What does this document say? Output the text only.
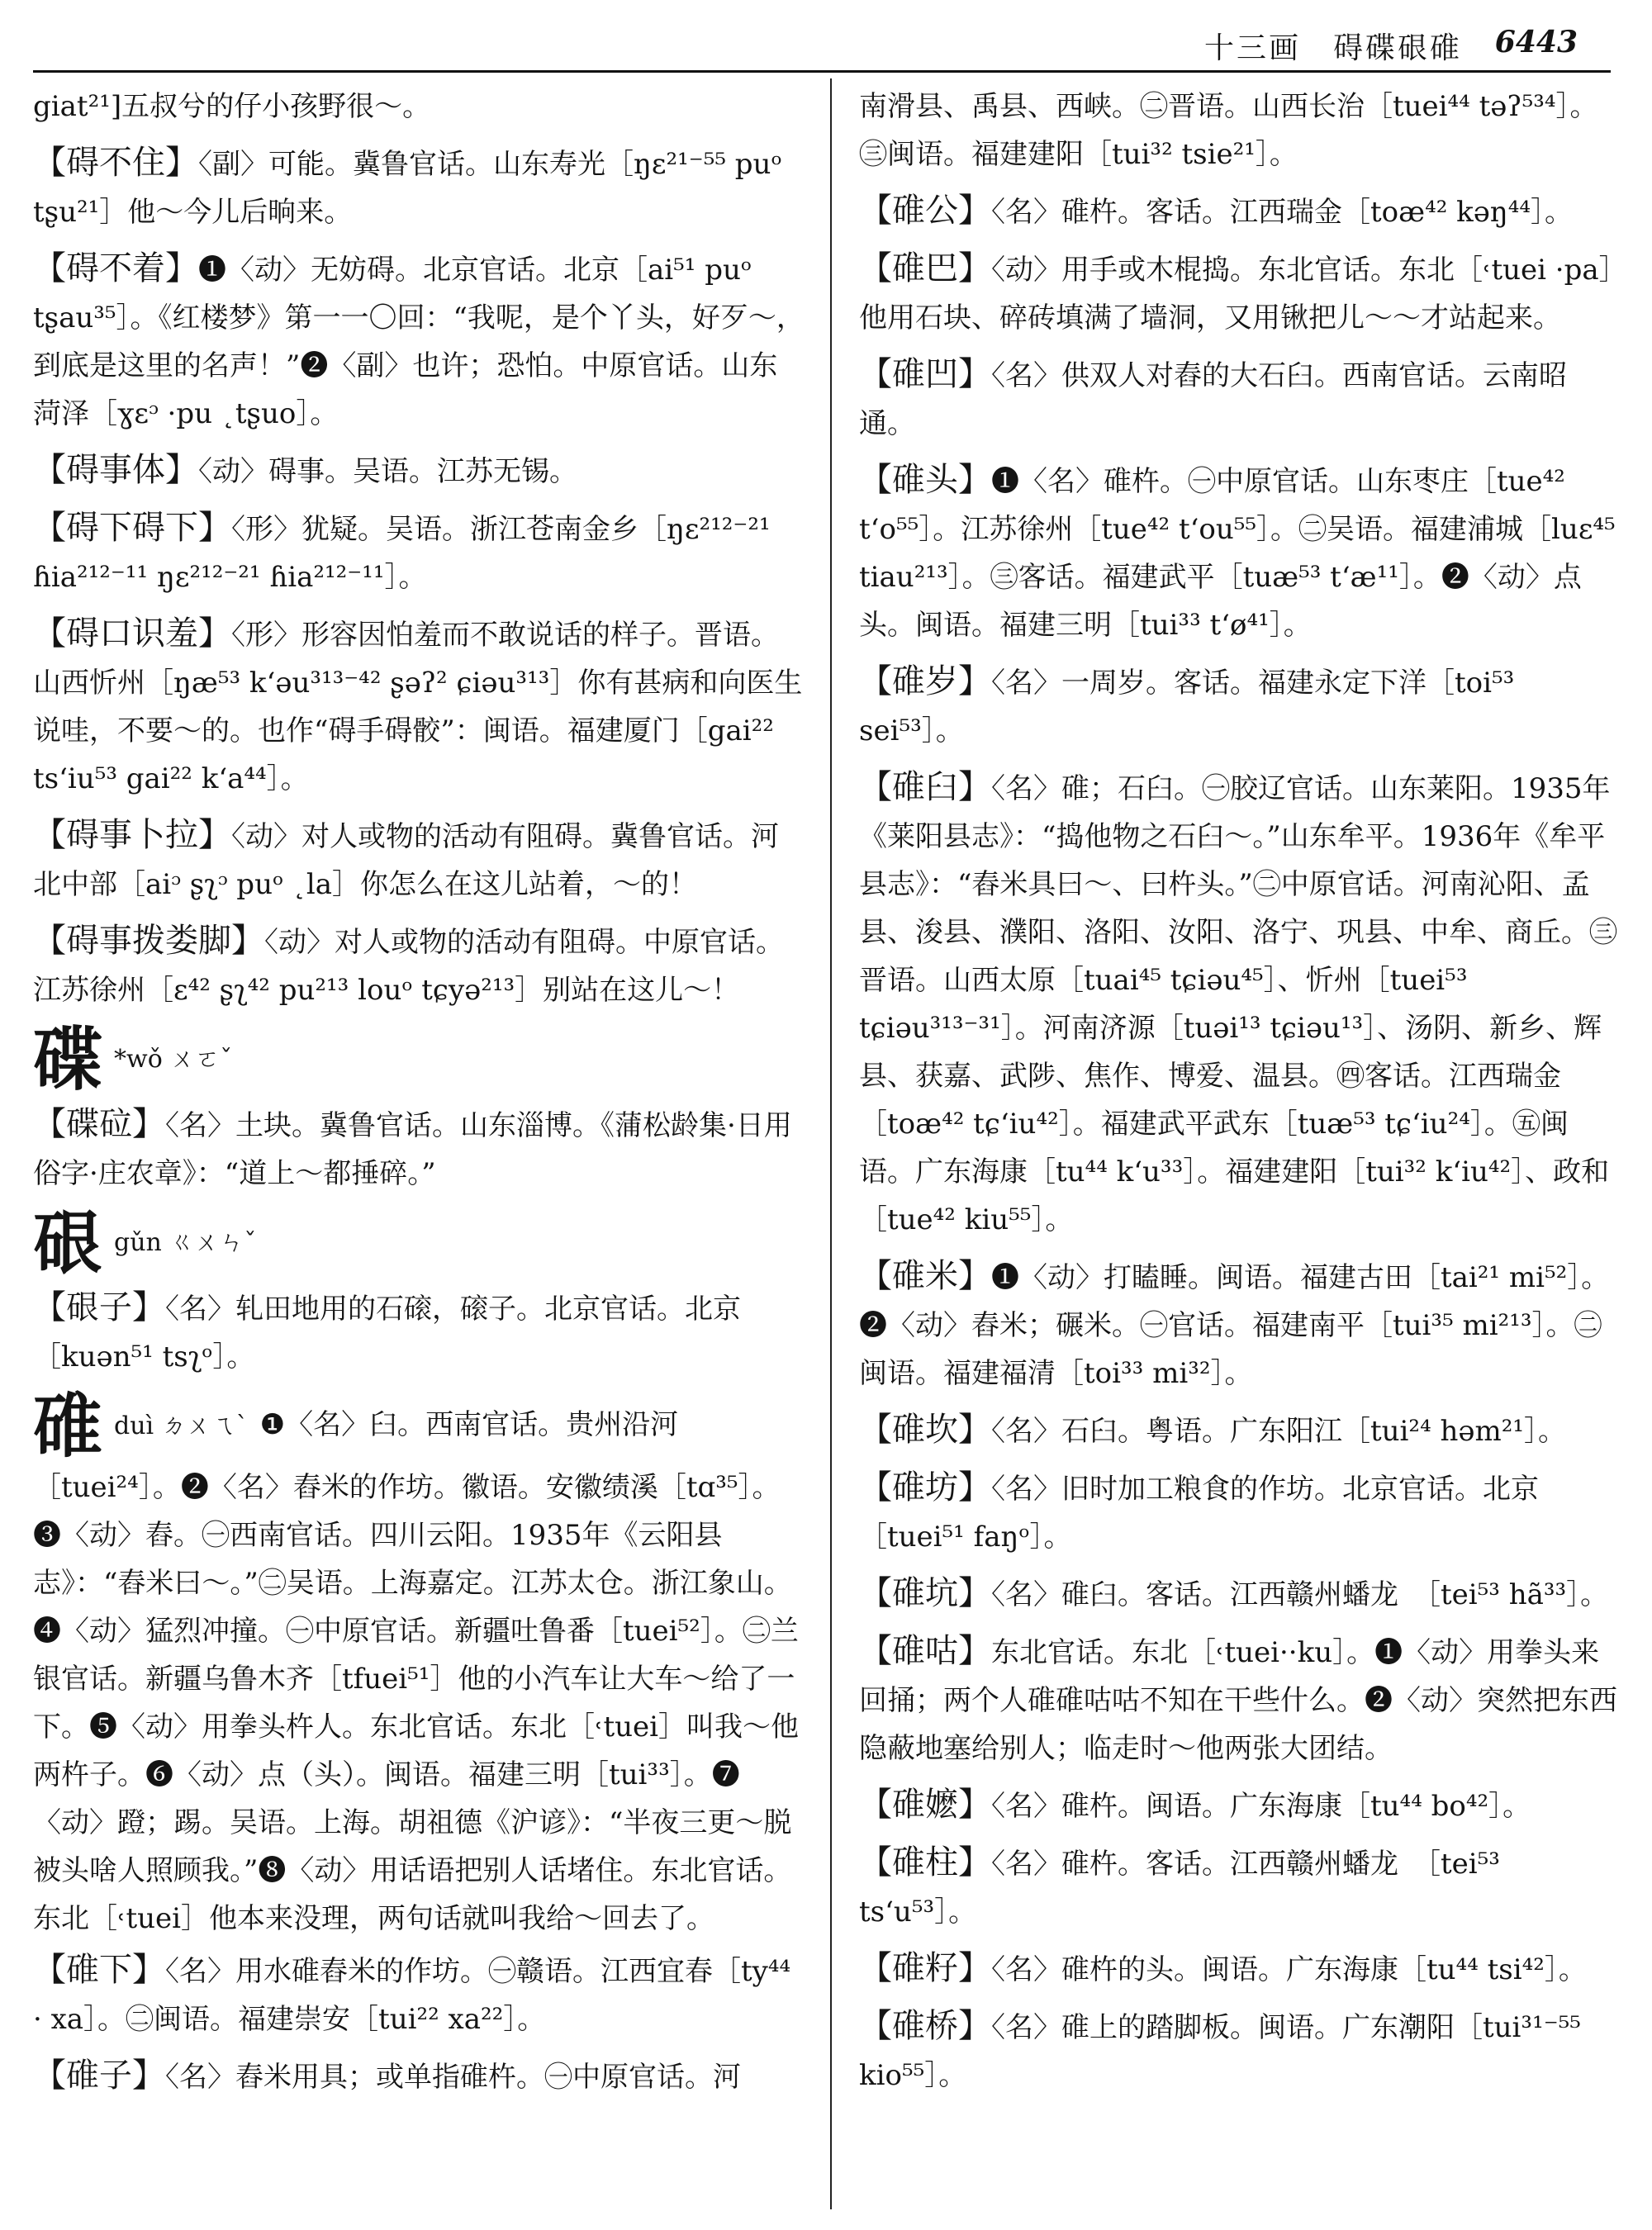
十三画　碍碟硍碓 6443
giat²¹]五叔兮的仔小孩野很～。
【碍不住】〈副〉可能。冀鲁官话。山东寿光［ŋɛ²¹⁻⁵⁵ puᵒ tʂu²¹］他～今儿后晌来。
【碍不着】❶〈动〉无妨碍。北京官话。北京［ai⁵¹ puᵒ tʂau³⁵］。《红楼梦》第一一〇回：“我呢，是个丫头，好歹～，到底是这里的名声！”❷〈副〉也许；恐怕。中原官话。山东菏泽［ɣɛᵓ ·pu ˛tʂuo］。
【碍事体】〈动〉碍事。吴语。江苏无锡。
【碍下碍下】〈形〉犹疑。吴语。浙江苍南金乡［ŋɛ²¹²⁻²¹ ɦia²¹²⁻¹¹ ŋɛ²¹²⁻²¹ ɦia²¹²⁻¹¹］。
【碍口识羞】〈形〉形容因怕羞而不敢说话的样子。晋语。山西忻州［ŋæ⁵³ k‘əu³¹³⁻⁴² ʂəʔ² ɕiəu³¹³］你有甚病和向医生说哇，不要～的。也作“碍手碍骹”：闽语。福建厦门［gai²² ts‘iu⁵³ gai²² k‘a⁴⁴］。
【碍事卜拉】〈动〉对人或物的活动有阻碍。冀鲁官话。河北中部［aiᵓ ʂʅᵓ puᵒ ˛la］你怎么在这儿站着，～的！
【碍事拨娄脚】〈动〉对人或物的活动有阻碍。中原官话。江苏徐州［ɛ⁴² ʂʅ⁴² pu²¹³ louᵒ tɕyə²¹³］别站在这儿～！
碟 *wǒ ㄨㄛˇ
【碟砬】〈名〉土块。冀鲁官话。山东淄博。《蒲松龄集·日用俗字·庄农章》：“道上～都捶碎。”
硍gǔn ㄍㄨㄣˇ
【硍子】〈名〉轧田地用的石磙，磙子。北京官话。北京［kuən⁵¹ tsʅᵒ］。
碓duì ㄉㄨㄟˋ ❶〈名〉臼。西南官话。贵州沿河［tuei²⁴］。❷〈名〉舂米的作坊。徽语。安徽绩溪［tɑ³⁵］。❸〈动〉舂。㊀西南官话。四川云阳。1935年《云阳县志》：“舂米曰～。”㊁吴语。上海嘉定。江苏太仓。浙江象山。❹〈动〉猛烈冲撞。㊀中原官话。新疆吐鲁番［tuei⁵²］。㊁兰银官话。新疆乌鲁木齐［tfuei⁵¹］他的小汽车让大车～给了一下。❺〈动〉用拳头杵人。东北官话。东北［˓tuei］叫我～他两杵子。❻〈动〉点（头）。闽语。福建三明［tui³³］。❼〈动〉蹬；踢。吴语。上海。胡祖德《沪谚》：“半夜三更～脱被头啥人照顾我。”❽〈动〉用话语把别人话堵住。东北官话。东北［˓tuei］他本来没理，两句话就叫我给～回去了。
【碓下】〈名〉用水碓舂米的作坊。㊀赣语。江西宜春［ty⁴⁴ · xa］。㊁闽语。福建崇安［tui²² xa²²］。
【碓子】〈名〉舂米用具；或单指碓杵。㊀中原官话。河
南滑县、禹县、西峡。㊁晋语。山西长治［tuei⁴⁴ təʔ⁵³⁴］。㊂闽语。福建建阳［tui³² tsie²¹］。
【碓公】〈名〉碓杵。客话。江西瑞金［toæ⁴² kəŋ⁴⁴］。
【碓巴】〈动〉用手或木棍捣。东北官话。东北［˓tuei ·pa］他用石块、碎砖填满了墙洞，又用锹把儿～～才站起来。
【碓凹】〈名〉供双人对舂的大石臼。西南官话。云南昭通。
【碓头】❶〈名〉碓杵。㊀中原官话。山东枣庄［tue⁴² t‘o⁵⁵］。江苏徐州［tue⁴² t‘ou⁵⁵］。㊁吴语。福建浦城［luɛ⁴⁵ tiau²¹³］。㊂客话。福建武平［tuæ⁵³ t‘æ¹¹］。❷〈动〉点头。闽语。福建三明［tui³³ t‘ø⁴¹］。
【碓岁】〈名〉一周岁。客话。福建永定下洋［toi⁵³ sei⁵³］。
【碓臼】〈名〉碓；石臼。㊀胶辽官话。山东莱阳。1935年《莱阳县志》：“捣他物之石臼～。”山东牟平。1936年《牟平县志》：“舂米具曰～、曰杵头。”㊁中原官话。河南沁阳、孟县、浚县、濮阳、洛阳、汝阳、洛宁、巩县、中牟、商丘。㊂晋语。山西太原［tuai⁴⁵ tɕiəu⁴⁵］、忻州［tuei⁵³ tɕiəu³¹³⁻³¹］。河南济源［tuəi¹³ tɕiəu¹³］、汤阴、新乡、辉县、获嘉、武陟、焦作、博爱、温县。㊃客话。江西瑞金［toæ⁴² tɕ‘iu⁴²］。福建武平武东［tuæ⁵³ tɕ‘iu²⁴］。㊄闽语。广东海康［tu⁴⁴ k‘u³³］。福建建阳［tui³² k‘iu⁴²］、政和［tue⁴² kiu⁵⁵］。
【碓米】❶〈动〉打瞌睡。闽语。福建古田［tai²¹ mi⁵²］。❷〈动〉舂米；碾米。㊀官话。福建南平［tui³⁵ mi²¹³］。㊁闽语。福建福清［toi³³ mi³²］。
【碓坎】〈名〉石臼。粤语。广东阳江［tui²⁴ həm²¹］。
【碓坊】〈名〉旧时加工粮食的作坊。北京官话。北京［tuei⁵¹ faŋᵒ］。
【碓坑】〈名〉碓臼。客话。江西赣州蟠龙　［tei⁵³ hã³³］。
【碓咕】东北官话。东北［˓tuei··ku］。❶〈动〉用拳头来回捅；两个人碓碓咕咕不知在干些什么。❷〈动〉突然把东西隐蔽地塞给别人；临走时～他两张大团结。
【碓嬷】〈名〉碓杵。闽语。广东海康［tu⁴⁴ bo⁴²］。
【碓柱】〈名〉碓杵。客话。江西赣州蟠龙　［tei⁵³ ts‘u⁵³］。
【碓籽】〈名〉碓杵的头。闽语。广东海康［tu⁴⁴ tsi⁴²］。
【碓桥】〈名〉碓上的踏脚板。闽语。广东潮阳［tui³¹⁻⁵⁵ kio⁵⁵］。
